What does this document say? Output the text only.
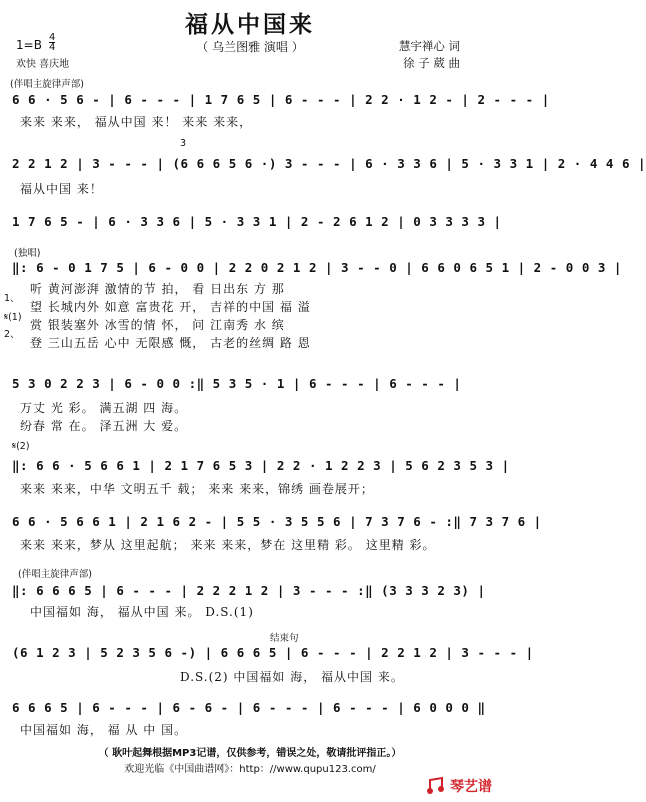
福从中国来
（ 乌兰图雅 演唱 ）	慧宇禅心 词
徐 子 葳 曲
$1=B \frac{4}{4}$
欢快 喜庆地
(伴唱主旋律声部)
6 6 · 5 6 - | 6 - - - | 1 7 6 5 | 6 - - - | 2 2 · 1 2 - | 2 - - - |
来来 来来， 福从中国 来！ 来来 来来，
3
2 2 1 2 | 3 - - - | (6 6 6 5 6 ·) 3 - - - | 6 · 3 3 6 | 5 · 3 3 1 | 2 · 4 4 6 |
福从中国 来！
1 7 6 5 - | 6 · 3 3 6 | 5 · 3 3 1 | 2 - 2 6 1 2 | 0 3 3 3 3 |
(独唱)
‖: 6 - 0 1 7 5 | 6 - 0 0 | 2 2 0 2 1 2 | 3 - - 0 | 6 6 0 6 5 1 | 2 - 0 0 3 |
1、
𝄋(1)
2、
听 黄河澎湃 激情的节 拍， 看 日出东 方 那
望 长城内外 如意 富贵花 开， 吉祥的中国 福 溢
赏 银装塞外 冰雪的情 怀， 问 江南秀 水 缤
登 三山五岳 心中 无限感 慨， 古老的丝绸 路 恩
5 3 0 2 2 3 | 6 - 0 0 :‖ 5 3 5 · 1 | 6 - - - | 6 - - - |
万丈 光 彩。 满五湖 四 海。
纷春 常 在。 泽五洲 大 爱。
𝄋(2)
‖: 6 6 · 5 6 6 1 | 2 1 7 6 5 3 | 2 2 · 1 2 2 3 | 5 6 2 3 5 3 |
来来 来来，中华 文明五千 载； 来来 来来，锦绣 画卷展开；
6 6 · 5 6 6 1 | 2 1 6 2 - | 5 5 · 3 5 5 6 | 7 3 7 6 - :‖ 7 3 7 6 |
来来 来来，梦从 这里起航； 来来 来来，梦在 这里精 彩。 这里精 彩。
(伴唱主旋律声部)
‖: 6 6 6 5 | 6 - - - | 2 2 2 1 2 | 3 - - - :‖ (3 3 3 2 3) |
中国福如 海， 福从中国 来。 D.S.(1)
结束句
(6 1 2 3 | 5 2 3 5 6 -) | 6 6 6 5 | 6 - - - | 2 2 1 2 | 3 - - - |
D.S.(2) 中国福如 海， 福从中国 来。
6 6 6 5 | 6 - - - | 6 - 6 - | 6 - - - | 6 - - - | 6 0 0 0 ‖
中国福如 海， 福 从 中 国。
（ 耿叶起舞根据MP3记谱，仅供参考，错误之处，敬请批评指正。）
欢迎光临《中国曲谱网》：http：//www.qupu123.com/
琴艺谱
